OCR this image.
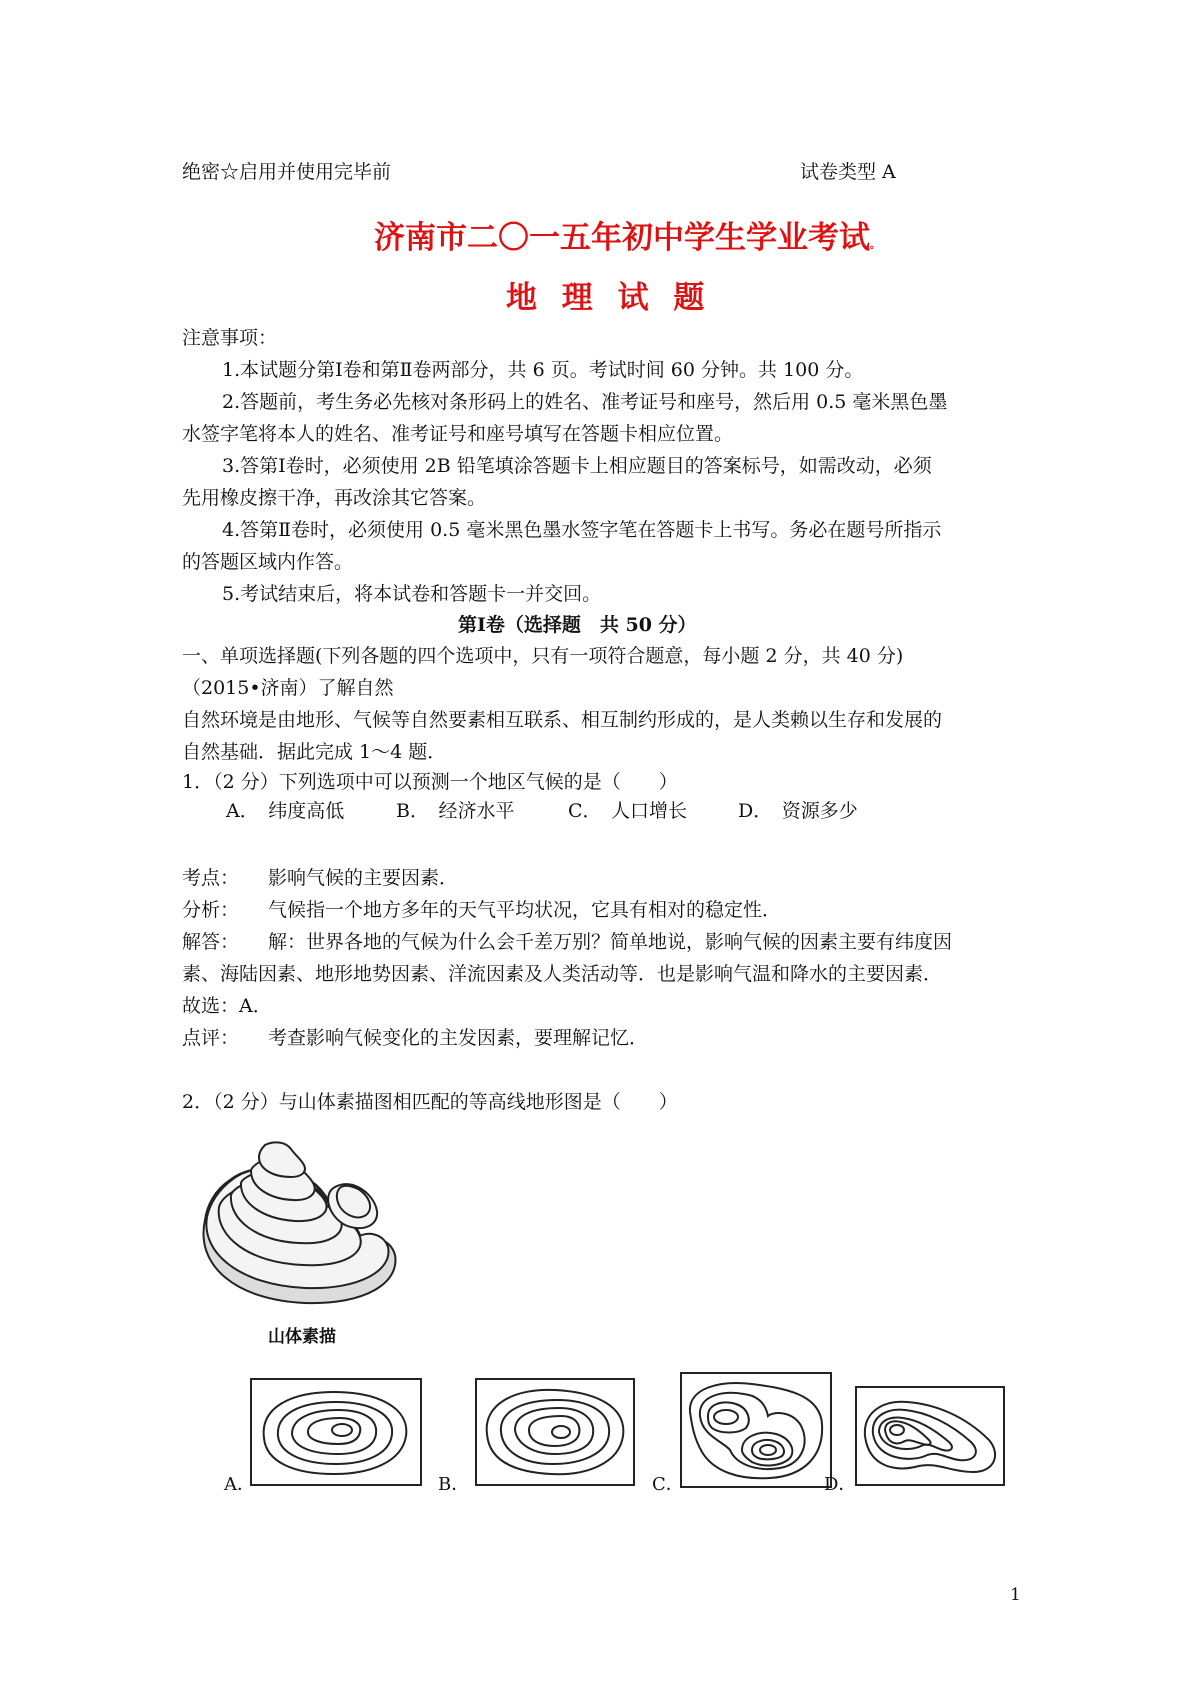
绝密☆启用并使用完毕前	试卷类型 A
济南市二〇一五年初中学生学业考试。
地 理 试 题
注意事项：
1.本试题分第Ⅰ卷和第Ⅱ卷两部分，共 6 页。考试时间 60 分钟。共 100 分。
2.答题前，考生务必先核对条形码上的姓名、准考证号和座号，然后用 0.5 毫米黑色墨
水签字笔将本人的姓名、准考证号和座号填写在答题卡相应位置。
3.答第Ⅰ卷时，必须使用 2B 铅笔填涂答题卡上相应题目的答案标号，如需改动，必须
先用橡皮擦干净，再改涂其它答案。
4.答第Ⅱ卷时，必须使用 0.5 毫米黑色墨水签字笔在答题卡上书写。务必在题号所指示
的答题区域内作答。
5.考试结束后，将本试卷和答题卡一并交回。
第Ⅰ卷（选择题　共 50 分）
一、单项选择题(下列各题的四个选项中，只有一项符合题意，每小题 2 分，共 40 分)
（2015•济南）了解自然
自然环境是由地形、气候等自然要素相互联系、相互制约形成的，是人类赖以生存和发展的
自然基础．据此完成 1～4 题．
1．（2 分）下列选项中可以预测一个地区气候的是（　　）
A．　纬度高低	B．　经济水平	C．　人口增长	D．　资源多少
考点： 影响气候的主要因素．
分析： 气候指一个地方多年的天气平均状况，它具有相对的稳定性．
解答： 解：世界各地的气候为什么会千差万别？简单地说，影响气候的因素主要有纬度因
素、海陆因素、地形地势因素、洋流因素及人类活动等．也是影响气温和降水的主要因素．
故选：A．
点评： 考查影响气候变化的主发因素，要理解记忆．
2．（2 分）与山体素描图相匹配的等高线地形图是（　　）
山体素描
A．	B．	C．	D．
1
